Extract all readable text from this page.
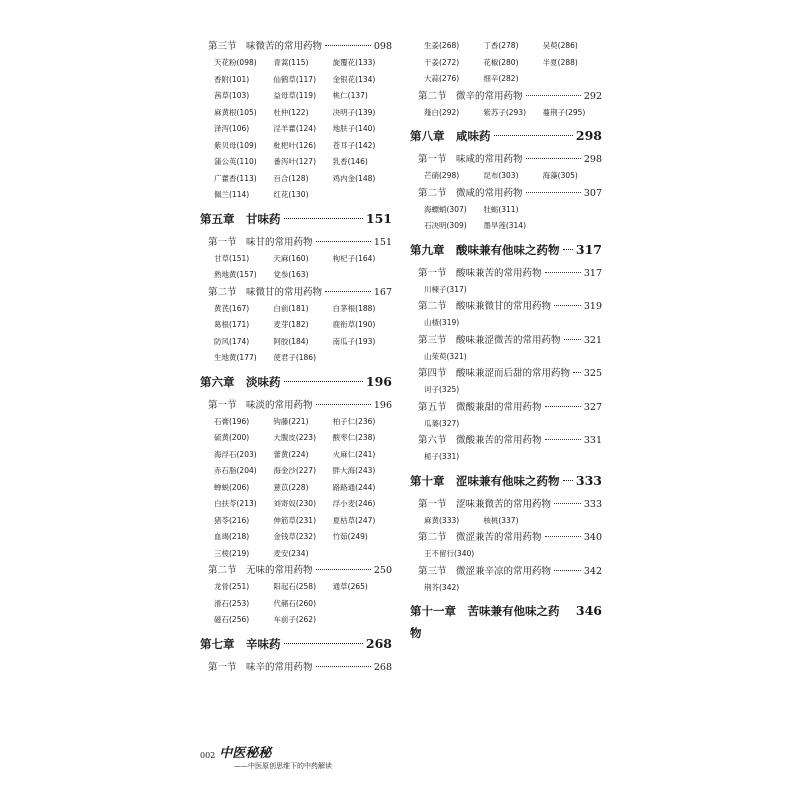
第三节　味微苦的常用药物	098
天花粉(098)	青蒿(115)	旋覆花(133)
香附(101)	仙鹤草(117)	金银花(134)
茜草(103)	益母草(119)	桃仁(137)
麻黄根(105)	杜仲(122)	决明子(139)
泽泻(106)	淫羊藿(124)	地肤子(140)
紫贝母(109)	枇杷叶(126)	苍耳子(142)
蒲公英(110)	番泻叶(127)	乳香(146)
广藿香(113)	百合(128)	鸡内金(148)
佩兰(114)	红花(130)
第五章　甘味药	151
第一节　味甘的常用药物	151
甘草(151)	天麻(160)	枸杞子(164)
熟地黄(157)	党参(163)
第二节　味微甘的常用药物	167
黄芪(167)	白前(181)	白茅根(188)
葛根(171)	麦芽(182)	鹿衔草(190)
防风(174)	阿胶(184)	南瓜子(193)
生地黄(177)	使君子(186)
第六章　淡味药	196
第一节　味淡的常用药物	196
石膏(196)	钩藤(221)	柏子仁(236)
硫黄(200)	大腹皮(223)	酸枣仁(238)
海浮石(203)	蕾黄(224)	火麻仁(241)
赤石脂(204)	海金沙(227)	胖大海(243)
蝉蜕(206)	薏苡(228)	路路通(244)
白扶苓(213)	刘寄奴(230)	浮小麦(246)
猪苓(216)	伸筋草(231)	夏枯草(247)
血竭(218)	金钱草(232)	竹茹(249)
三棱(219)	麦安(234)
第二节　无味的常用药物	250
龙骨(251)	阳起石(258)	通草(265)
滑石(253)	代赭石(260)
磁石(256)	车前子(262)
第七章　辛味药	268
第一节　味辛的常用药物	268
生姜(268)	丁香(278)	吴萸(286)
干姜(272)	花椒(280)	半夏(288)
大蒜(276)	细辛(282)
第二节　微辛的常用药物	292
薤白(292)	紫苏子(293)	蔓荆子(295)
第八章　咸味药	298
第一节　味咸的常用药物	298
芒硝(298)	昆布(303)	海藻(305)
第二节　微咸的常用药物	307
海螵蛸(307)	牡蛎(311)
石决明(309)	墨旱莲(314)
第九章　酸味兼有他味之药物 317
第一节　酸味兼苦的常用药物	317
川楝子(317)
第二节　酸味兼微甘的常用药物	319
山楂(319)
第三节　酸味兼涩微苦的常用药物 321
山茱萸(321)
第四节　酸味兼涩而后甜的常用药物 325
诃子(325)
第五节　微酸兼甜的常用药物	327
瓜蒌(327)
第六节　微酸兼苦的常用药物	331
栀子(331)
第十章　涩味兼有他味之药物 333
第一节　涩味兼微苦的常用药物	333
麻黄(333)	核桃(337)
第二节　微涩兼苦的常用药物	340
王不留行(340)
第三节　微涩兼辛凉的常用药物	342
荆芥(342)
第十一章　苦味兼有他味之药物
346
002 中医秘秘
——中医原创思维下的中药解读
